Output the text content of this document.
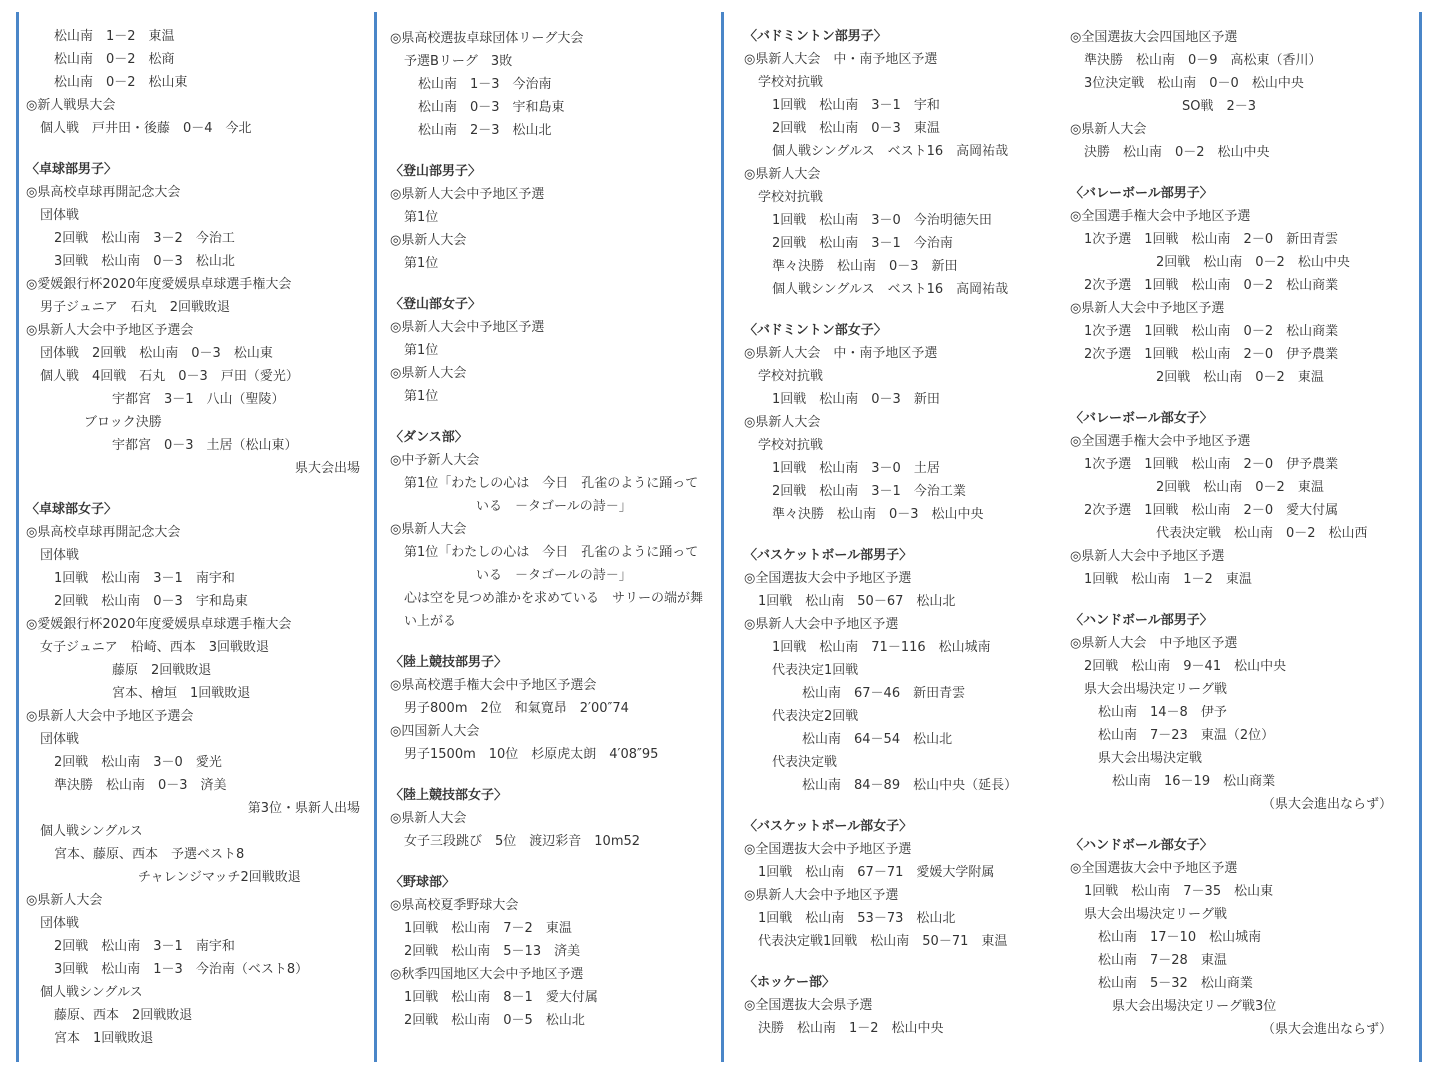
松山南　1－2　東温
松山南　0－2　松商
松山南　0－2　松山東
◎新人戦県大会
個人戦　戸井田・後藤　0－4　今北
〈卓球部男子〉
◎県高校卓球再開記念大会
団体戦
2回戦　松山南　3－2　今治工
3回戦　松山南　0－3　松山北
◎愛媛銀行杯2020年度愛媛県卓球選手権大会
男子ジュニア　石丸　2回戦敗退
◎県新人大会中予地区予選会
団体戦　2回戦　松山南　0－3　松山東
個人戦　4回戦　石丸　0－3　戸田（愛光）
宇都宮　3－1　八山（聖陵）
ブロック決勝
宇都宮　0－3　土居（松山東）
県大会出場
〈卓球部女子〉
◎県高校卓球再開記念大会
団体戦
1回戦　松山南　3－1　南宇和
2回戦　松山南　0－3　宇和島東
◎愛媛銀行杯2020年度愛媛県卓球選手権大会
女子ジュニア　柗崎、西本　3回戦敗退
藤原　2回戦敗退
宮本、檜垣　1回戦敗退
◎県新人大会中予地区予選会
団体戦
2回戦　松山南　3－0　愛光
準決勝　松山南　0－3　済美
第3位・県新人出場
個人戦シングルス
宮本、藤原、西本　予選ベスト8
チャレンジマッチ2回戦敗退
◎県新人大会
団体戦
2回戦　松山南　3－1　南宇和
3回戦　松山南　1－3　今治南（ベスト8）
個人戦シングルス
藤原、西本　2回戦敗退
宮本　1回戦敗退
◎県高校選抜卓球団体リーグ大会
予選Bリーグ　3敗
松山南　1－3　今治南
松山南　0－3　宇和島東
松山南　2－3　松山北
〈登山部男子〉
◎県新人大会中予地区予選
第1位
◎県新人大会
第1位
〈登山部女子〉
◎県新人大会中予地区予選
第1位
◎県新人大会
第1位
〈ダンス部〉
◎中予新人大会
第1位「わたしの心は　今日　孔雀のように踊って
いる　－タゴールの詩－」
◎県新人大会
第1位「わたしの心は　今日　孔雀のように踊って
いる　－タゴールの詩－」
心は空を見つめ誰かを求めている　サリーの端が舞
い上がる
〈陸上競技部男子〉
◎県高校選手権大会中予地区予選会
男子800m　2位　和氣寛昂　2′00″74
◎四国新人大会
男子1500m　10位　杉原虎太朗　4′08″95
〈陸上競技部女子〉
◎県新人大会
女子三段跳び　5位　渡辺彩音　10m52
〈野球部〉
◎県高校夏季野球大会
1回戦　松山南　7－2　東温
2回戦　松山南　5－13　済美
◎秋季四国地区大会中予地区予選
1回戦　松山南　8－1　愛大付属
2回戦　松山南　0－5　松山北
〈バドミントン部男子〉
◎県新人大会　中・南予地区予選
学校対抗戦
1回戦　松山南　3－1　宇和
2回戦　松山南　0－3　東温
個人戦シングルス　ベスト16　高岡祐哉
◎県新人大会
学校対抗戦
1回戦　松山南　3－0　今治明徳矢田
2回戦　松山南　3－1　今治南
準々決勝　松山南　0－3　新田
個人戦シングルス　ベスト16　高岡祐哉
〈バドミントン部女子〉
◎県新人大会　中・南予地区予選
学校対抗戦
1回戦　松山南　0－3　新田
◎県新人大会
学校対抗戦
1回戦　松山南　3－0　土居
2回戦　松山南　3－1　今治工業
準々決勝　松山南　0－3　松山中央
〈バスケットボール部男子〉
◎全国選抜大会中予地区予選
1回戦　松山南　50－67　松山北
◎県新人大会中予地区予選
1回戦　松山南　71－116　松山城南
代表決定1回戦
松山南　67－46　新田青雲
代表決定2回戦
松山南　64－54　松山北
代表決定戦
松山南　84－89　松山中央（延長）
〈バスケットボール部女子〉
◎全国選抜大会中予地区予選
1回戦　松山南　67－71　愛媛大学附属
◎県新人大会中予地区予選
1回戦　松山南　53－73　松山北
代表決定戦1回戦　松山南　50－71　東温
〈ホッケー部〉
◎全国選抜大会県予選
決勝　松山南　1－2　松山中央
◎全国選抜大会四国地区予選
準決勝　松山南　0－9　高松東（香川）
3位決定戦　松山南　0－0　松山中央
SO戦　2－3
◎県新人大会
決勝　松山南　0－2　松山中央
〈バレーボール部男子〉
◎全国選手権大会中予地区予選
1次予選　1回戦　松山南　2－0　新田青雲
2回戦　松山南　0－2　松山中央
2次予選　1回戦　松山南　0－2　松山商業
◎県新人大会中予地区予選
1次予選　1回戦　松山南　0－2　松山商業
2次予選　1回戦　松山南　2－0　伊予農業
2回戦　松山南　0－2　東温
〈バレーボール部女子〉
◎全国選手権大会中予地区予選
1次予選　1回戦　松山南　2－0　伊予農業
2回戦　松山南　0－2　東温
2次予選　1回戦　松山南　2－0　愛大付属
代表決定戦　松山南　0－2　松山西
◎県新人大会中予地区予選
1回戦　松山南　1－2　東温
〈ハンドボール部男子〉
◎県新人大会　中予地区予選
2回戦　松山南　9－41　松山中央
県大会出場決定リーグ戦
松山南　14－8　伊予
松山南　7－23　東温（2位）
県大会出場決定戦
松山南　16－19　松山商業
（県大会進出ならず）
〈ハンドボール部女子〉
◎全国選抜大会中予地区予選
1回戦　松山南　7－35　松山東
県大会出場決定リーグ戦
松山南　17－10　松山城南
松山南　7－28　東温
松山南　5－32　松山商業
県大会出場決定リーグ戦3位
（県大会進出ならず）
